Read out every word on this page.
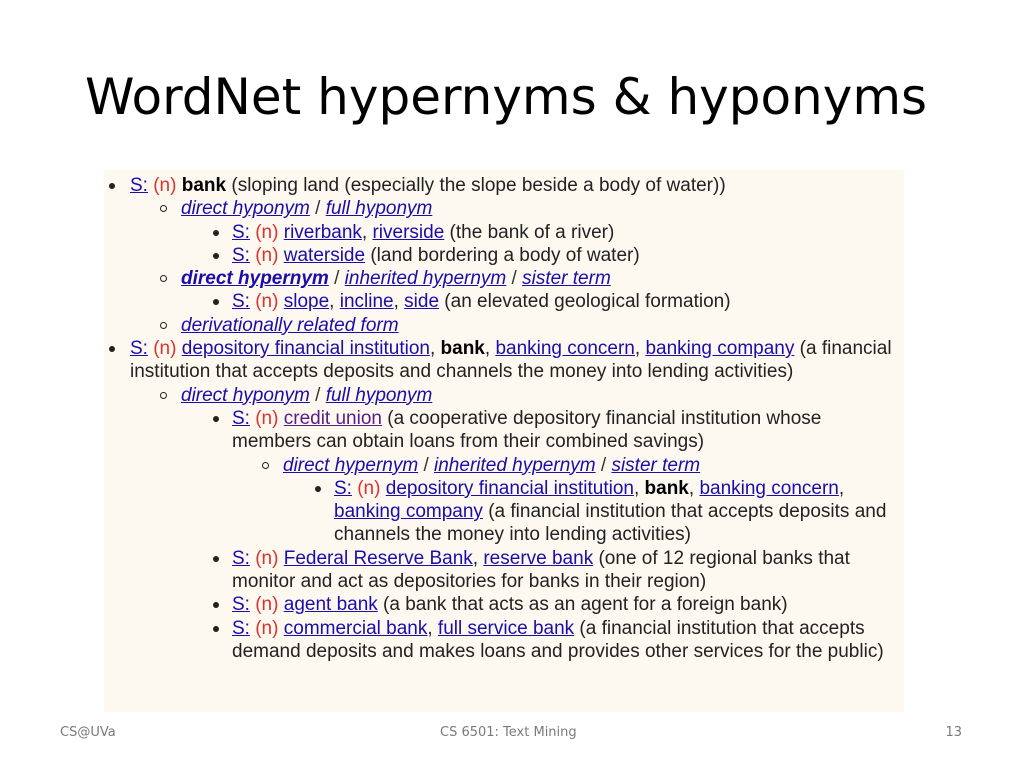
WordNet hypernyms & hyponyms
S: (n) bank (sloping land (especially the slope beside a body of water))
direct hyponym / full hyponym
S: (n) riverbank, riverside (the bank of a river)
S: (n) waterside (land bordering a body of water)
direct hypernym / inherited hypernym / sister term
S: (n) slope, incline, side (an elevated geological formation)
derivationally related form
S: (n) depository financial institution, bank, banking concern, banking company (a financial institution that accepts deposits and channels the money into lending activities)
direct hyponym / full hyponym
S: (n) credit union (a cooperative depository financial institution whose members can obtain loans from their combined savings)
direct hypernym / inherited hypernym / sister term
S: (n) depository financial institution, bank, banking concern, banking company (a financial institution that accepts deposits and channels the money into lending activities)
S: (n) Federal Reserve Bank, reserve bank (one of 12 regional banks that monitor and act as depositories for banks in their region)
S: (n) agent bank (a bank that acts as an agent for a foreign bank)
S: (n) commercial bank, full service bank (a financial institution that accepts demand deposits and makes loans and provides other services for the public)
CS@UVa	CS 6501: Text Mining	13
